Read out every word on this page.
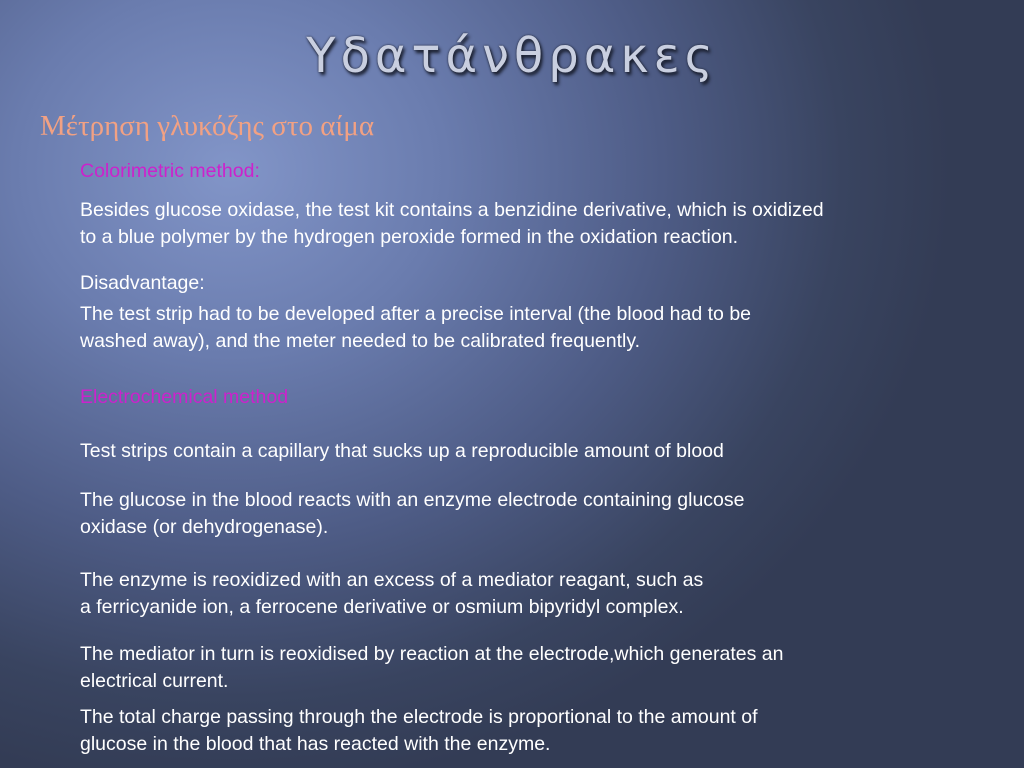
Υδατάνθρακες
Μέτρηση γλυκόζης στο αίμα
Colorimetric method:
Besides glucose oxidase, the test kit contains a benzidine derivative, which is oxidized
to a blue polymer by the hydrogen peroxide formed in the oxidation reaction.
Disadvantage:
The test strip had to be developed after a precise interval (the blood had to be
washed away), and the meter needed to be calibrated frequently.
Electrochemical method
Test strips contain a capillary that sucks up a reproducible amount of blood
The glucose in the blood reacts with an enzyme electrode containing glucose
oxidase (or dehydrogenase).
The enzyme is reoxidized with an excess of a mediator reagant, such as
a ferricyanide ion, a ferrocene derivative or osmium bipyridyl complex.
The mediator in turn is reoxidised by reaction at the electrode,which generates an
electrical current.
The total charge passing through the electrode is proportional to the amount of
glucose in the blood that has reacted with the enzyme.
